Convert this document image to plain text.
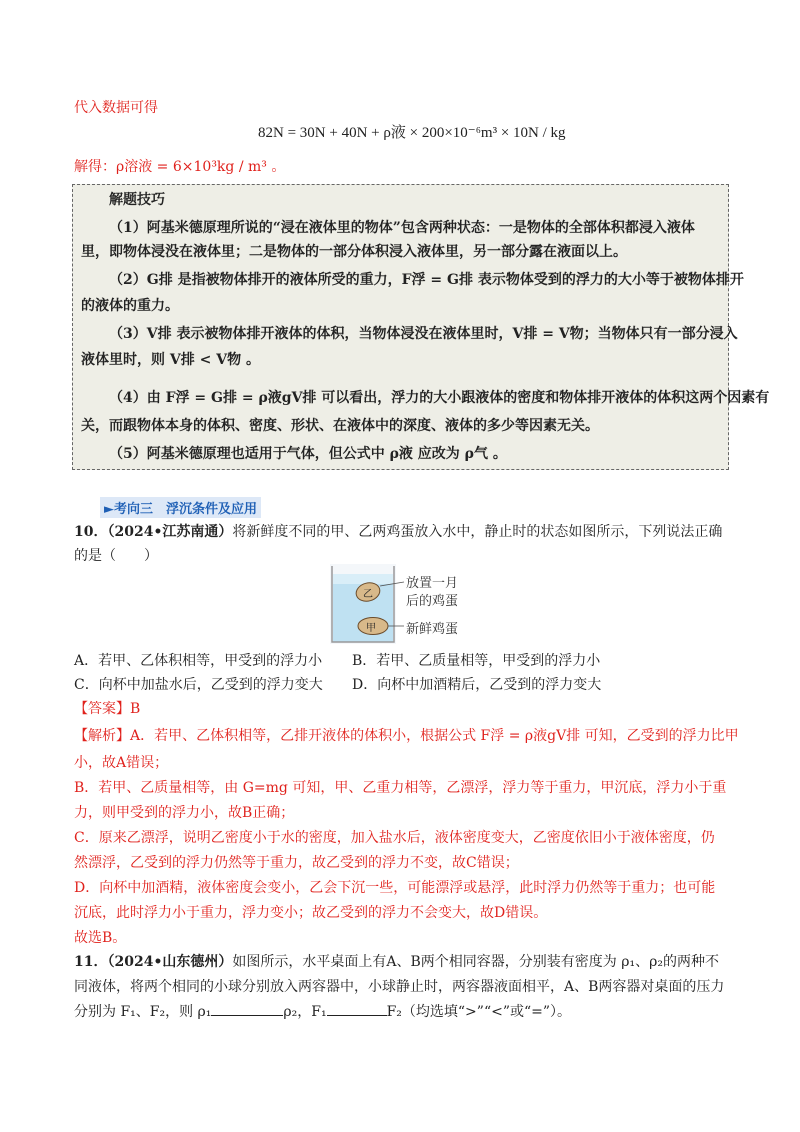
代入数据可得
82N = 30N + 40N + ρ液 × 200×10⁻⁶m³ × 10N / kg
解得：ρ溶液 = 6×10³kg / m³ 。
解题技巧
（1）阿基米德原理所说的“浸在液体里的物体”包含两种状态：一是物体的全部体积都浸入液体
里，即物体浸没在液体里；二是物体的一部分体积浸入液体里，另一部分露在液面以上。
（2）G排 是指被物体排开的液体所受的重力，F浮 = G排 表示物体受到的浮力的大小等于被物体排开
的液体的重力。
（3）V排 表示被物体排开液体的体积，当物体浸没在液体里时，V排 = V物；当物体只有一部分浸入
液体里时，则 V排 < V物 。
（4）由 F浮 = G排 = ρ液gV排 可以看出，浮力的大小跟液体的密度和物体排开液体的体积这两个因素有
关，而跟物体本身的体积、密度、形状、在液体中的深度、液体的多少等因素无关。
（5）阿基米德原理也适用于气体，但公式中 ρ液 应改为 ρ气 。
►考向三　浮沉条件及应用
10．（2024•江苏南通）将新鲜度不同的甲、乙两鸡蛋放入水中，静止时的状态如图所示，下列说法正确
的是（　　）
乙
甲
放置一月
后的鸡蛋
新鲜鸡蛋
A．若甲、乙体积相等，甲受到的浮力小 B．若甲、乙质量相等，甲受到的浮力小
C．向杯中加盐水后，乙受到的浮力变大 D．向杯中加酒精后，乙受到的浮力变大
【答案】B
【解析】A．若甲、乙体积相等，乙排开液体的体积小，根据公式 F浮 = ρ液gV排 可知，乙受到的浮力比甲
小，故A错误；
B．若甲、乙质量相等，由 G=mg 可知，甲、乙重力相等，乙漂浮，浮力等于重力，甲沉底，浮力小于重
力，则甲受到的浮力小，故B正确；
C．原来乙漂浮，说明乙密度小于水的密度，加入盐水后，液体密度变大，乙密度依旧小于液体密度，仍
然漂浮，乙受到的浮力仍然等于重力，故乙受到的浮力不变，故C错误；
D．向杯中加酒精，液体密度会变小，乙会下沉一些，可能漂浮或悬浮，此时浮力仍然等于重力；也可能
沉底，此时浮力小于重力，浮力变小；故乙受到的浮力不会变大，故D错误。
故选B。
11．（2024•山东德州）如图所示，水平桌面上有A、B两个相同容器，分别装有密度为 ρ₁、ρ₂的两种不
同液体，将两个相同的小球分别放入两容器中，小球静止时，两容器液面相平，A、B两容器对桌面的压力
分别为 F₁、F₂，则 ρ₁	ρ₂，F₁	F₂（均选填“>”“<”或“=”）。
